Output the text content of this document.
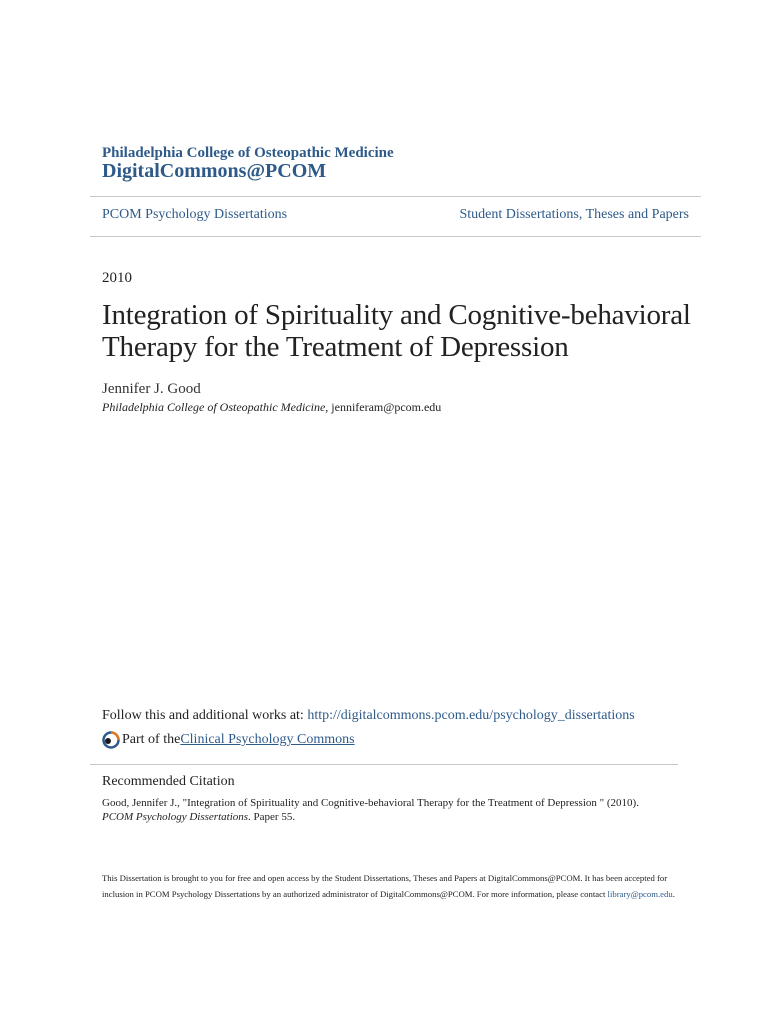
Philadelphia College of Osteopathic Medicine
DigitalCommons@PCOM
PCOM Psychology Dissertations	Student Dissertations, Theses and Papers
2010
Integration of Spirituality and Cognitive-behavioral Therapy for the Treatment of Depression
Jennifer J. Good
Philadelphia College of Osteopathic Medicine, jenniferam@pcom.edu
Follow this and additional works at: http://digitalcommons.pcom.edu/psychology_dissertations
Part of the Clinical Psychology Commons
Recommended Citation
Good, Jennifer J., "Integration of Spirituality and Cognitive-behavioral Therapy for the Treatment of Depression " (2010). PCOM Psychology Dissertations. Paper 55.
This Dissertation is brought to you for free and open access by the Student Dissertations, Theses and Papers at DigitalCommons@PCOM. It has been accepted for inclusion in PCOM Psychology Dissertations by an authorized administrator of DigitalCommons@PCOM. For more information, please contact library@pcom.edu.
